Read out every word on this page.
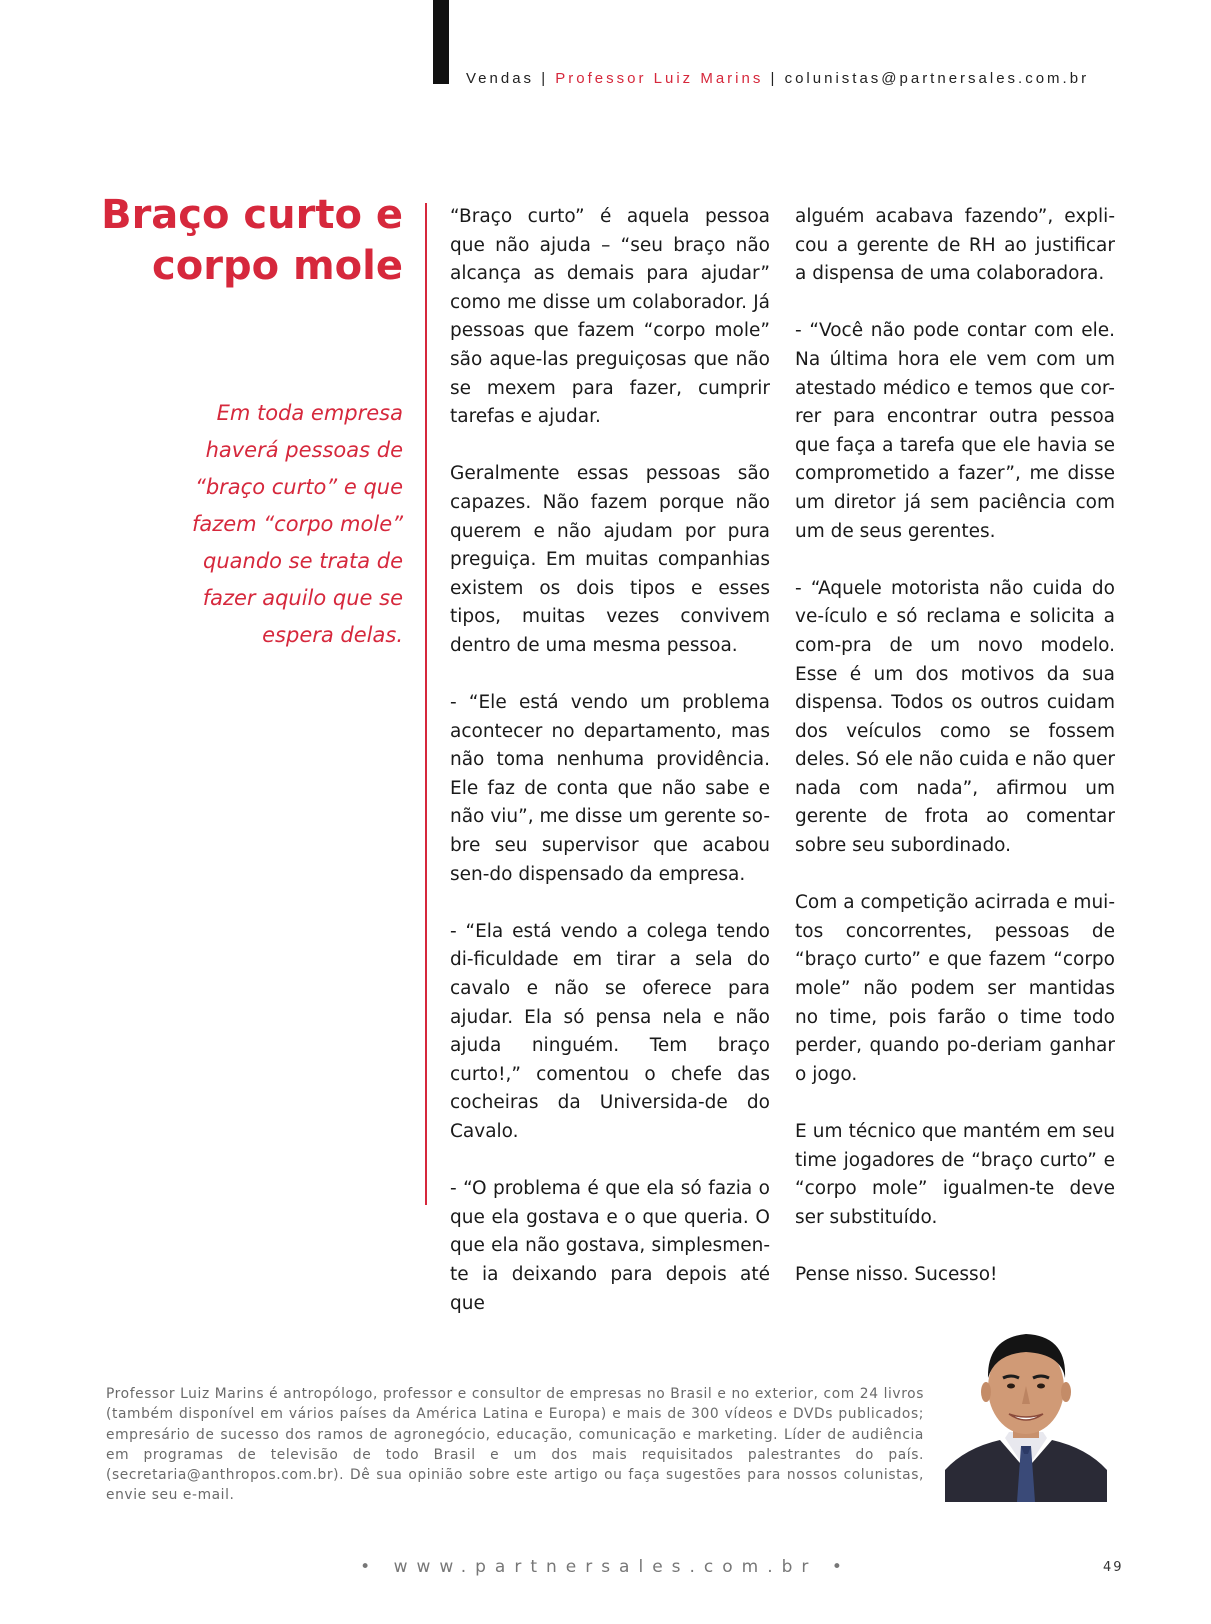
Vendas | Professor Luiz Marins | colunistas@partnersales.com.br
Braço curto e corpo mole
Em toda empresa haverá pessoas de “braço curto” e que fazem “corpo mole” quando se trata de fazer aquilo que se espera delas.

“Braço curto” é aquela pessoa que não ajuda – “seu braço não alcança as demais para ajudar” como me disse um colaborador. Já pessoas que fazem “corpo mole” são aque-las preguiçosas que não se mexem para fazer, cumprir tarefas e ajudar.

Geralmente essas pessoas são capazes. Não fazem porque não querem e não ajudam por pura preguiça. Em muitas companhias existem os dois tipos e esses tipos, muitas vezes convivem dentro de uma mesma pessoa.

- “Ele está vendo um problema acontecer no departamento, mas não toma nenhuma providência. Ele faz de conta que não sabe e não viu”, me disse um gerente so-bre seu supervisor que acabou sen-do dispensado da empresa.

- “Ela está vendo a colega tendo di-ficuldade em tirar a sela do cavalo e não se oferece para ajudar. Ela só pensa nela e não ajuda ninguém. Tem braço curto!,” comentou o chefe das cocheiras da Universida-de do Cavalo.

- “O problema é que ela só fazia o que ela gostava e o que queria. O que ela não gostava, simplesmen-te ia deixando para depois até que

alguém acabava fazendo”, expli-cou a gerente de RH ao justificar a dispensa de uma colaboradora.

- “Você não pode contar com ele. Na última hora ele vem com um atestado médico e temos que cor-rer para encontrar outra pessoa que faça a tarefa que ele havia se comprometido a fazer”, me disse um diretor já sem paciência com um de seus gerentes.

- “Aquele motorista não cuida do ve-ículo e só reclama e solicita a com-pra de um novo modelo. Esse é um dos motivos da sua dispensa. Todos os outros cuidam dos veículos como se fossem deles. Só ele não cuida e não quer nada com nada”, afirmou um gerente de frota ao comentar sobre seu subordinado.

Com a competição acirrada e mui-tos concorrentes, pessoas de “braço curto” e que fazem “corpo mole” não podem ser mantidas no time, pois farão o time todo perder, quando po-deriam ganhar o jogo.

E um técnico que mantém em seu time jogadores de “braço curto” e “corpo mole” igualmen-te deve ser substituído.

Pense nisso. Sucesso!

Professor Luiz Marins é antropólogo, professor e consultor de empresas no Brasil e no exterior, com 24 livros (também disponível em vários países da América Latina e Europa) e mais de 300 vídeos e DVDs publicados; empresário de sucesso dos ramos de agronegócio, educação, comunicação e marketing. Líder de audiência em programas de televisão de todo Brasil e um dos mais requisitados palestrantes do país. (secretaria@anthropos.com.br). Dê sua opinião sobre este artigo ou faça sugestões para nossos colunistas, envie seu e-mail.
• www.partnersales.com.br •	49
